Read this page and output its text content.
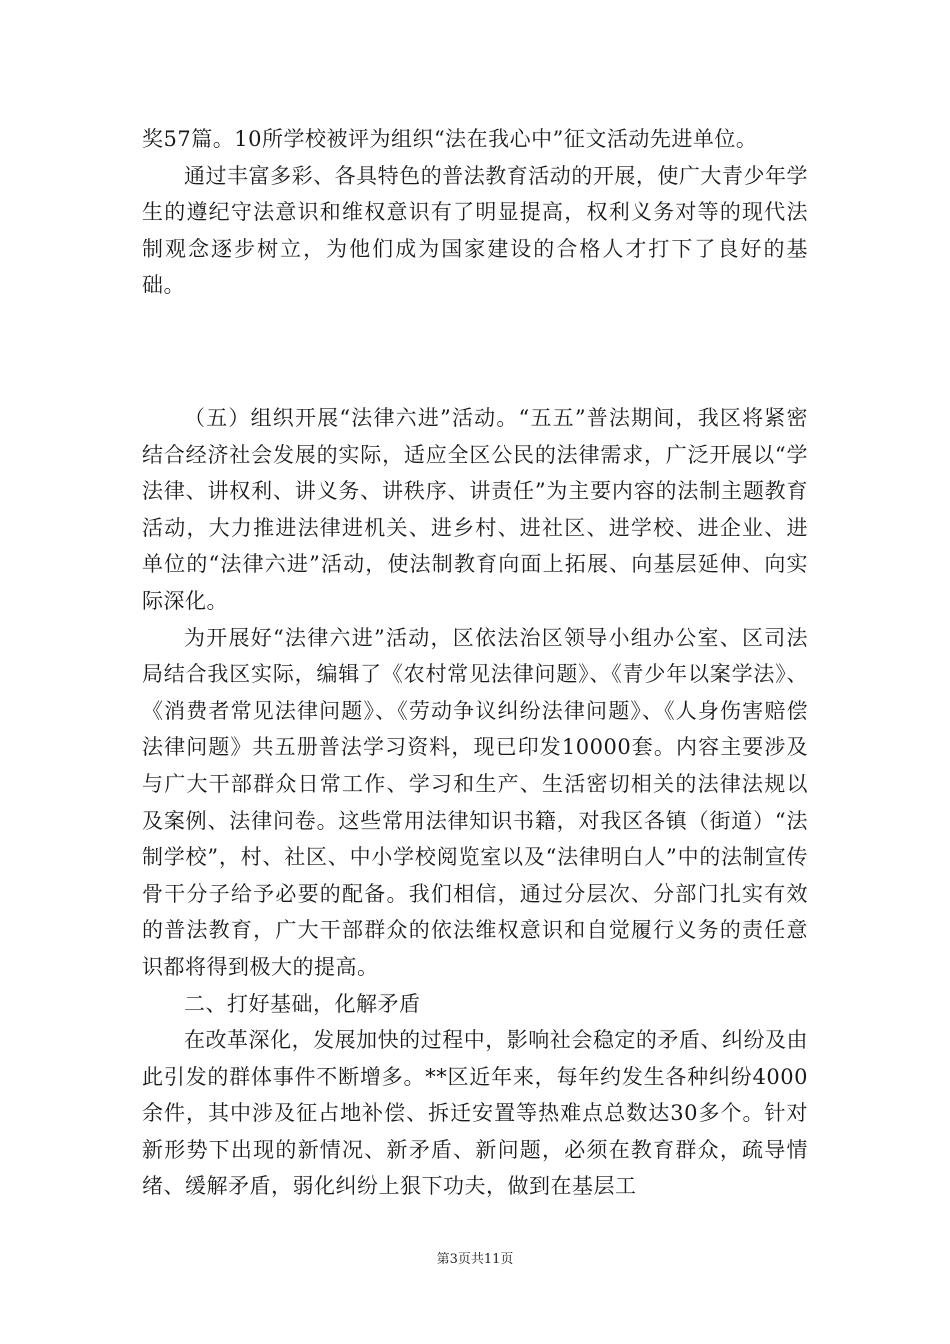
奖57篇。10所学校被评为组织“法在我心中”征文活动先进单位。

通过丰富多彩、各具特色的普法教育活动的开展，使广大青少年学生的遵纪守法意识和维权意识有了明显提高，权利义务对等的现代法制观念逐步树立，为他们成为国家建设的合格人才打下了良好的基础。

（五）组织开展“法律六进”活动。“五五”普法期间，我区将紧密结合经济社会发展的实际，适应全区公民的法律需求，广泛开展以“学法律、讲权利、讲义务、讲秩序、讲责任”为主要内容的法制主题教育活动，大力推进法律进机关、进乡村、进社区、进学校、进企业、进单位的“法律六进”活动，使法制教育向面上拓展、向基层延伸、向实际深化。

为开展好“法律六进”活动，区依法治区领导小组办公室、区司法局结合我区实际，编辑了《农村常见法律问题》、《青少年以案学法》、《消费者常见法律问题》、《劳动争议纠纷法律问题》、《人身伤害赔偿法律问题》共五册普法学习资料，现已印发10000套。内容主要涉及与广大干部群众日常工作、学习和生产、生活密切相关的法律法规以及案例、法律问卷。这些常用法律知识书籍，对我区各镇（街道）“法制学校”，村、社区、中小学校阅览室以及“法律明白人”中的法制宣传骨干分子给予必要的配备。我们相信，通过分层次、分部门扎实有效的普法教育，广大干部群众的依法维权意识和自觉履行义务的责任意识都将得到极大的提高。

二、打好基础，化解矛盾

在改革深化，发展加快的过程中，影响社会稳定的矛盾、纠纷及由此引发的群体事件不断增多。**区近年来，每年约发生各种纠纷4000余件，其中涉及征占地补偿、拆迁安置等热难点总数达30多个。针对新形势下出现的新情况、新矛盾、新问题，必须在教育群众，疏导情绪、缓解矛盾，弱化纠纷上狠下功夫，做到在基层工

第3页共11页
